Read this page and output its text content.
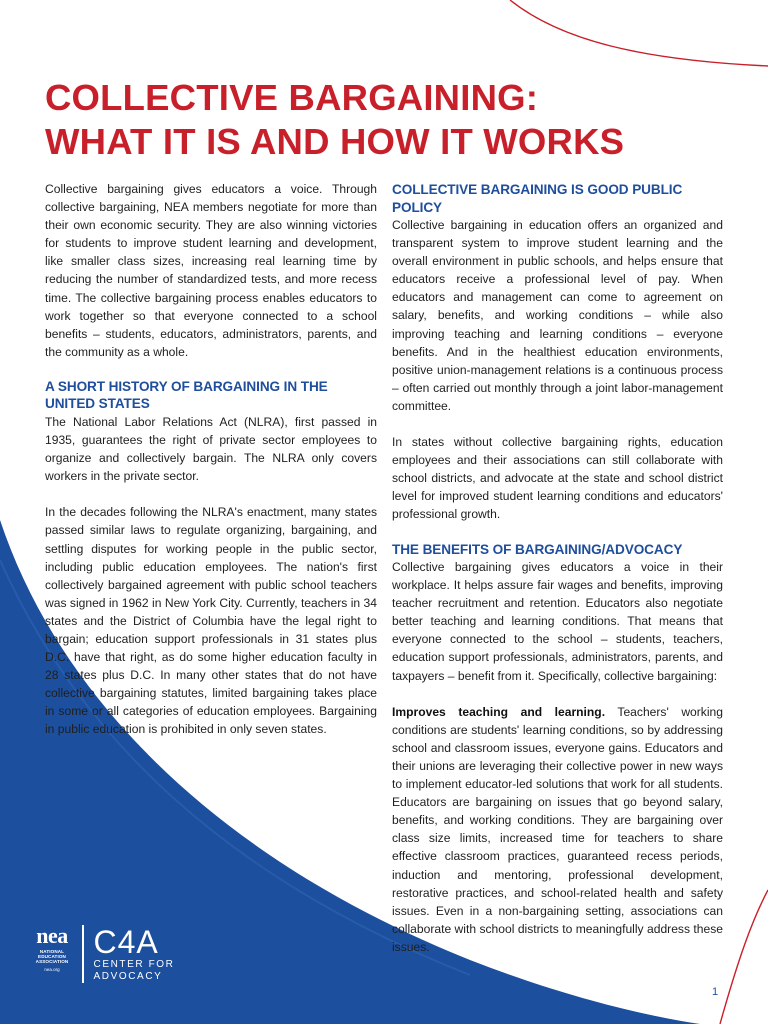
COLLECTIVE BARGAINING:
WHAT IT IS AND HOW IT WORKS

Collective bargaining gives educators a voice. Through collective bargaining, NEA members negotiate for more than their own economic security. They are also winning victories for students to improve student learning and development, like smaller class sizes, increasing real learning time by reducing the number of standardized tests, and more recess time. The collective bargaining process enables educators to work together so that everyone connected to a school benefits – students, educators, administrators, parents, and the community as a whole.

A SHORT HISTORY OF BARGAINING IN THE UNITED STATES

The National Labor Relations Act (NLRA), first passed in 1935, guarantees the right of private sector employees to organize and collectively bargain. The NLRA only covers workers in the private sector.

In the decades following the NLRA's enactment, many states passed similar laws to regulate organizing, bargaining, and settling disputes for working people in the public sector, including public education employees. The nation's first collectively bargained agreement with public school teachers was signed in 1962 in New York City. Currently, teachers in 34 states and the District of Columbia have the legal right to bargain; education support professionals in 31 states plus D.C. have that right, as do some higher education faculty in 28 states plus D.C. In many other states that do not have collective bargaining statutes, limited bargaining takes place in some or all categories of education employees. Bargaining in public education is prohibited in only seven states.

COLLECTIVE BARGAINING IS GOOD PUBLIC POLICY

Collective bargaining in education offers an organized and transparent system to improve student learning and the overall environment in public schools, and helps ensure that educators receive a professional level of pay. When educators and management can come to agreement on salary, benefits, and working conditions – while also improving teaching and learning conditions – everyone benefits. And in the healthiest education environments, positive union-management relations is a continuous process – often carried out monthly through a joint labor-management committee.

In states without collective bargaining rights, education employees and their associations can still collaborate with school districts, and advocate at the state and school district level for improved student learning conditions and educators' professional growth.

THE BENEFITS OF BARGAINING/ADVOCACY

Collective bargaining gives educators a voice in their workplace. It helps assure fair wages and benefits, improving teacher recruitment and retention. Educators also negotiate better teaching and learning conditions. That means that everyone connected to the school – students, teachers, education support professionals, administrators, parents, and taxpayers – benefit from it. Specifically, collective bargaining:

Improves teaching and learning. Teachers' working conditions are students' learning conditions, so by addressing school and classroom issues, everyone gains. Educators and their unions are leveraging their collective power in new ways to implement educator-led solutions that work for all students. Educators are bargaining on issues that go beyond salary, benefits, and working conditions. They are bargaining over class size limits, increased time for teachers to share effective classroom practices, guaranteed recess periods, induction and mentoring, professional development, restorative practices, and school-related health and safety issues. Even in a non-bargaining setting, associations can collaborate with school districts to meaningfully address these issues.

nea
NATIONAL
EDUCATION
ASSOCIATION
nea.org
C4A
CENTER FOR
ADVOCACY
1
